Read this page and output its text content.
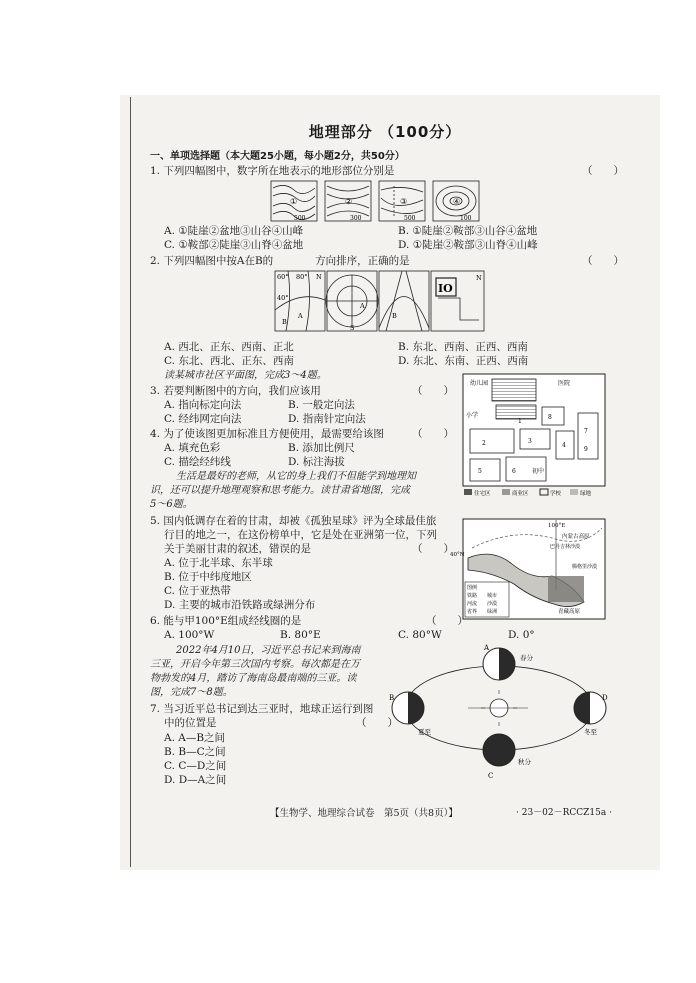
地理部分 （100分）
一、单项选择题（本大题25小题，每小题2分，共50分）
1. 下列四幅图中，数字所在地表示的地形部位分别是	（　　）
①	②	③	④
500	300	500	100
A. ①陡崖②盆地③山谷④山峰	B. ①陡崖②鞍部③山谷④盆地
C. ①鞍部②陡崖③山脊④盆地	D. ①陡崖②鞍部③山脊④山峰
2. 下列四幅图中按A在B的　　　　方向排序，正确的是	（　　）
60° 80° N
40°
A
B
S
A
B
IO
N
A. 西北、正东、西南、正北	B. 东北、西南、正西、西南
C. 东北、西北、正东、西南	D. 东北、东南、正西、西南
读某城市社区平面图，完成3～4题。
3. 若要判断图中的方向，我们应该用	（　　）
A. 指向标定向法	B. 一般定向法
C. 经纬网定向法	D. 指南针定向法
4. 为了使该图更加标准且方便使用，最需要给该图	（　　）
A. 填充色彩	B. 添加比例尺
C. 描绘经纬线	D. 标注海拔
幼儿园	医院
小学
初中
1
2	3
4
5	6
7
8
9
住宅区	商业区	学校	绿地
生活是最好的老师，从它的身上我们不但能学到地理知
识，还可以提升地理观察和思考能力。读甘肃省地图，完成
5～6题。
5. 国内低调存在着的甘肃，却被《孤独星球》评为全球最佳旅
行目的地之一，在这份榜单中，它是处在亚洲第一位，下列
关于美丽甘肃的叙述，错误的是	（　　）
A. 位于北半球、东半球
B. 位于中纬度地区
C. 位于亚热带
D. 主要的城市沿铁路或绿洲分布
100°E
内蒙古高原
巴丹吉林沙漠
腾格里沙漠
青藏高原
40°N
图例
铁路 城市
河流 沙漠
省界 绿洲
6. 能与甲100°E组成经线圈的是	（　　）
A. 100°W	B. 80°E	C. 80°W	D. 0°
2022年4月10日，习近平总书记来到海南
三亚，开启今年第三次国内考察。每次都是在万
物勃发的4月，踏访了海南岛最南端的三亚。读
图，完成7～8题。
7. 当习近平总书记到达三亚时，地球正运行到图
中的位置是	（　　）
A. A—B之间
B. B—C之间
C. C—D之间
D. D—A之间
A
B
C
D
春分
夏至
秋分
冬至
【生物学、地理综合试卷　第5页（共8页）】	· 23－02－RCCZ15a ·
